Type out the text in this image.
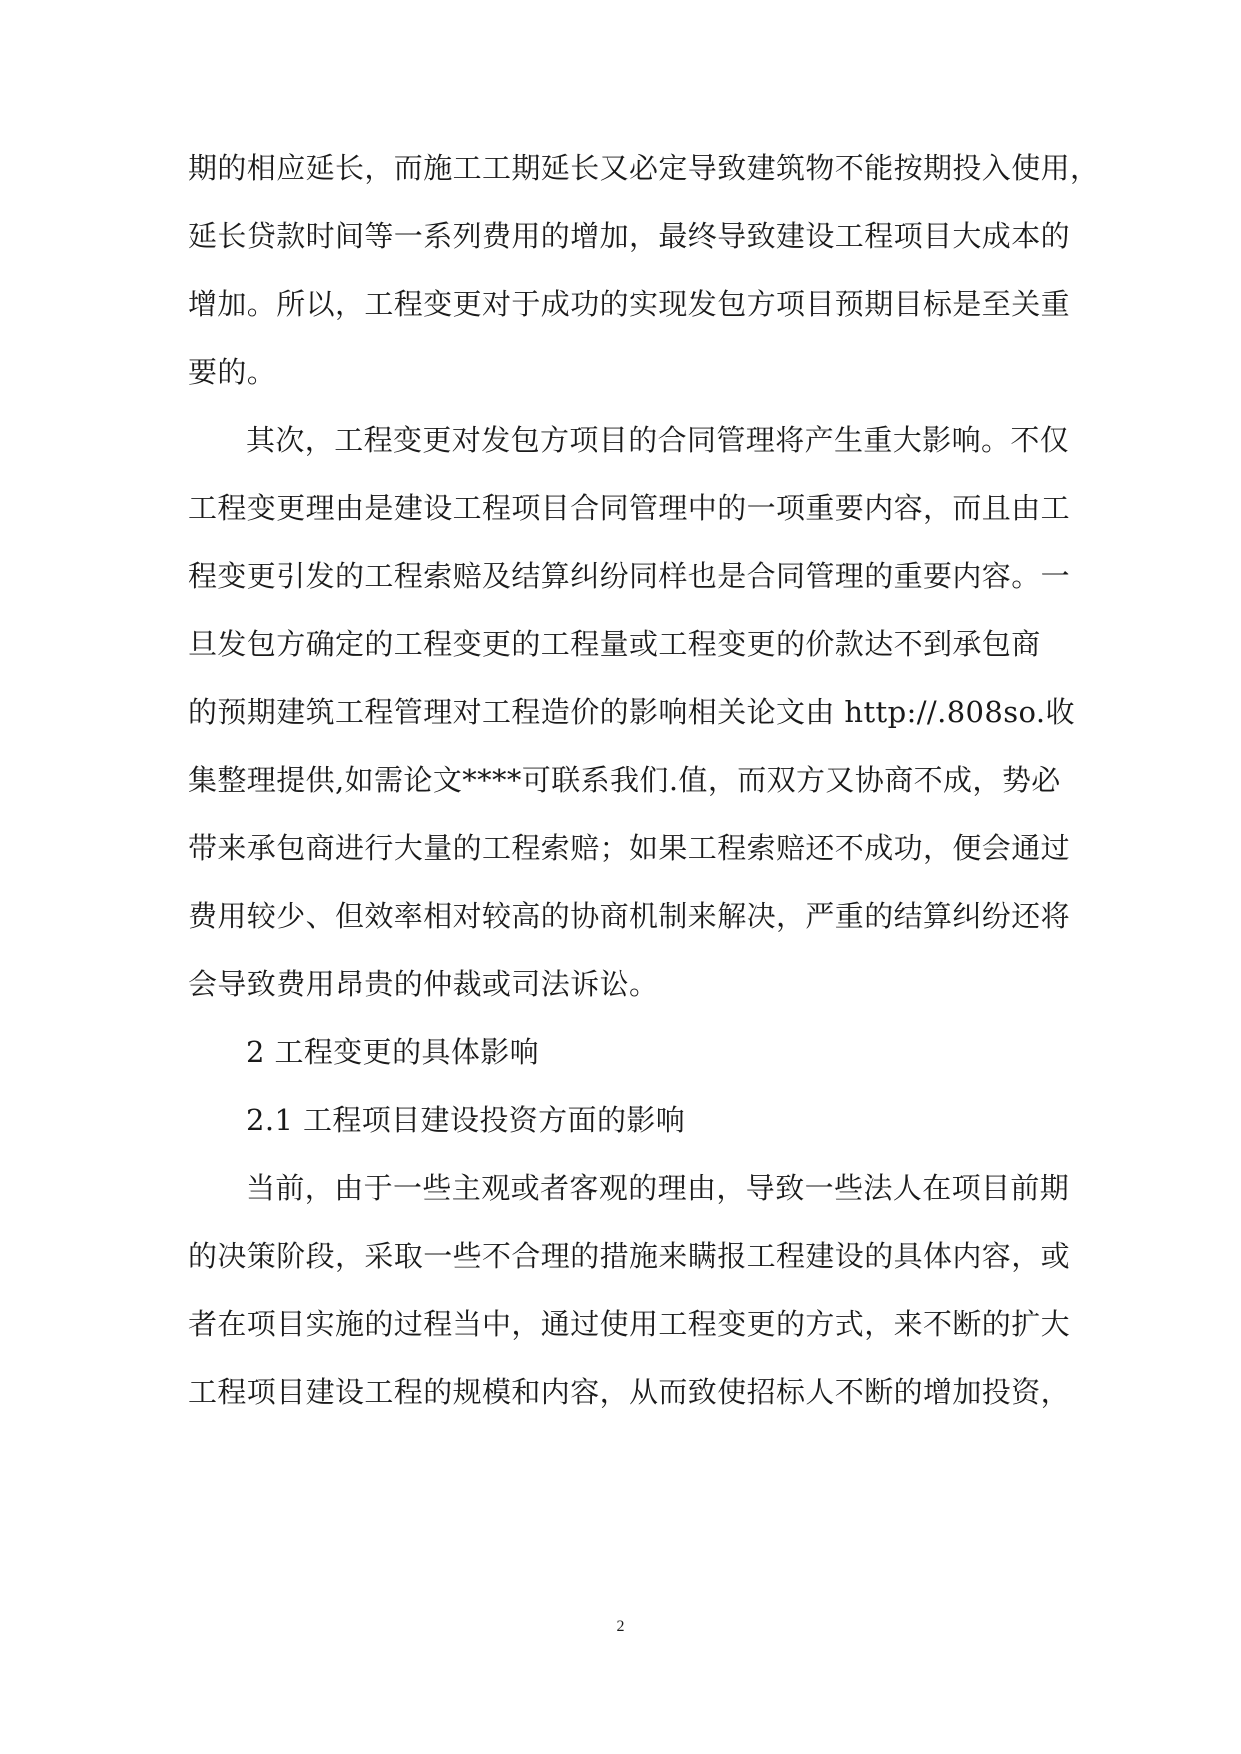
期的相应延长，而施工工期延长又必定导致建筑物不能按期投入使用，
延长贷款时间等一系列费用的增加，最终导致建设工程项目大成本的
增加。所以，工程变更对于成功的实现发包方项目预期目标是至关重
要的。
其次，工程变更对发包方项目的合同管理将产生重大影响。不仅
工程变更理由是建设工程项目合同管理中的一项重要内容，而且由工
程变更引发的工程索赔及结算纠纷同样也是合同管理的重要内容。一
旦发包方确定的工程变更的工程量或工程变更的价款达不到承包商
的预期建筑工程管理对工程造价的影响相关论文由 http://.808so.收
集整理提供,如需论文****可联系我们.值，而双方又协商不成，势必
带来承包商进行大量的工程索赔；如果工程索赔还不成功，便会通过
费用较少、但效率相对较高的协商机制来解决，严重的结算纠纷还将
会导致费用昂贵的仲裁或司法诉讼。
2 工程变更的具体影响
2.1 工程项目建设投资方面的影响
当前，由于一些主观或者客观的理由，导致一些法人在项目前期
的决策阶段，采取一些不合理的措施来瞒报工程建设的具体内容，或
者在项目实施的过程当中，通过使用工程变更的方式，来不断的扩大
工程项目建设工程的规模和内容，从而致使招标人不断的增加投资，
2
